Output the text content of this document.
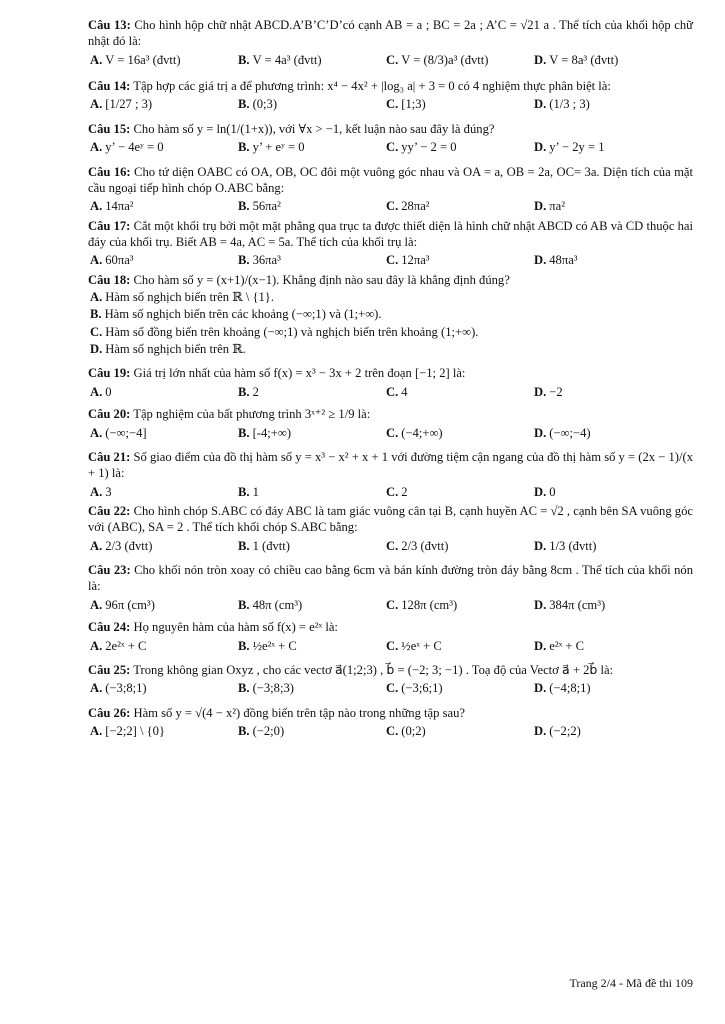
Câu 13: Cho hình hộp chữ nhật ABCD.A’B’C’D’có cạnh AB = a ; BC = 2a ; A’C = √21 a . Thể tích của khối hộp chữ nhật đó là:
A. V = 16a³ (đvtt)	B. V = 4a³ (đvtt)	C. V = (8/3)a³ (đvtt)	D. V = 8a³ (đvtt)
Câu 14: Tập hợp các giá trị a để phương trình: x⁴ − 4x² + |log₃ a| + 3 = 0 có 4 nghiệm thực phân biệt là:
A. [1/27 ; 3)	B. (0;3)	C. [1;3)	D. (1/3 ; 3)
Câu 15: Cho hàm số y = ln(1/(1+x)), với ∀x > −1, kết luận nào sau đây là đúng?
A. y’ − 4eʸ = 0	B. y’ + eʸ = 0	C. yy’ − 2 = 0	D. y’ − 2y = 1
Câu 16: Cho tứ diện OABC có OA, OB, OC đôi một vuông góc nhau và OA = a, OB = 2a, OC= 3a. Diện tích của mặt cầu ngoại tiếp hình chóp O.ABC bằng:
A. 14πa²	B. 56πa²	C. 28πa²	D. πa²
Câu 17: Cắt một khối trụ bởi một mặt phẳng qua trục ta được thiết diện là hình chữ nhật ABCD có AB và CD thuộc hai đáy của khối trụ. Biết AB = 4a, AC = 5a. Thể tích của khối trụ là:
A. 60πa³	B. 36πa³	C. 12πa³	D. 48πa³
Câu 18: Cho hàm số y = (x+1)/(x−1). Khẳng định nào sau đây là khẳng định đúng?
A. Hàm số nghịch biến trên ℝ \ {1}.
B. Hàm số nghịch biến trên các khoảng (−∞;1) và (1;+∞).
C. Hàm số đồng biến trên khoảng (−∞;1) và nghịch biến trên khoảng (1;+∞).
D. Hàm số nghịch biến trên ℝ.
Câu 19: Giá trị lớn nhất của hàm số f(x) = x³ − 3x + 2 trên đoạn [−1; 2] là:
A. 0	B. 2	C. 4	D. −2
Câu 20: Tập nghiệm của bất phương trình 3ˣ⁺² ≥ 1/9 là:
A. (−∞;−4]	B. [-4;+∞)	C. (−4;+∞)	D. (−∞;−4)
Câu 21: Số giao điểm của đồ thị hàm số y = x³ − x² + x + 1 với đường tiệm cận ngang của đồ thị hàm số y = (2x − 1)/(x + 1) là:
A. 3	B. 1	C. 2	D. 0
Câu 22: Cho hình chóp S.ABC có đáy ABC là tam giác vuông cân tại B, cạnh huyền AC = √2 , cạnh bên SA vuông góc với (ABC), SA = 2 . Thể tích khối chóp S.ABC bằng:
A. 2/3 (đvtt)	B. 1 (đvtt)	C. 2/3 (đvtt)	D. 1/3 (đvtt)
Câu 23: Cho khối nón tròn xoay có chiều cao bằng 6cm và bán kính đường tròn đáy bằng 8cm . Thể tích của khối nón là:
A. 96π (cm³)	B. 48π (cm³)	C. 128π (cm³)	D. 384π (cm³)
Câu 24: Họ nguyên hàm của hàm số f(x) = e²ˣ là:
A. 2e²ˣ + C	B. ½e²ˣ + C	C. ½eˣ + C	D. e²ˣ + C
Câu 25: Trong không gian Oxyz , cho các vectơ a⃗(1;2;3) , b⃗ = (−2; 3; −1) . Toạ độ của Vectơ a⃗ + 2b⃗ là:
A. (−3;8;1)	B. (−3;8;3)	C. (−3;6;1)	D. (−4;8;1)
Câu 26: Hàm số y = √(4 − x²) đồng biến trên tập nào trong những tập sau?
A. [−2;2] \ {0}	B. (−2;0)	C. (0;2)	D. (−2;2)
Trang 2/4 - Mã đề thi 109
